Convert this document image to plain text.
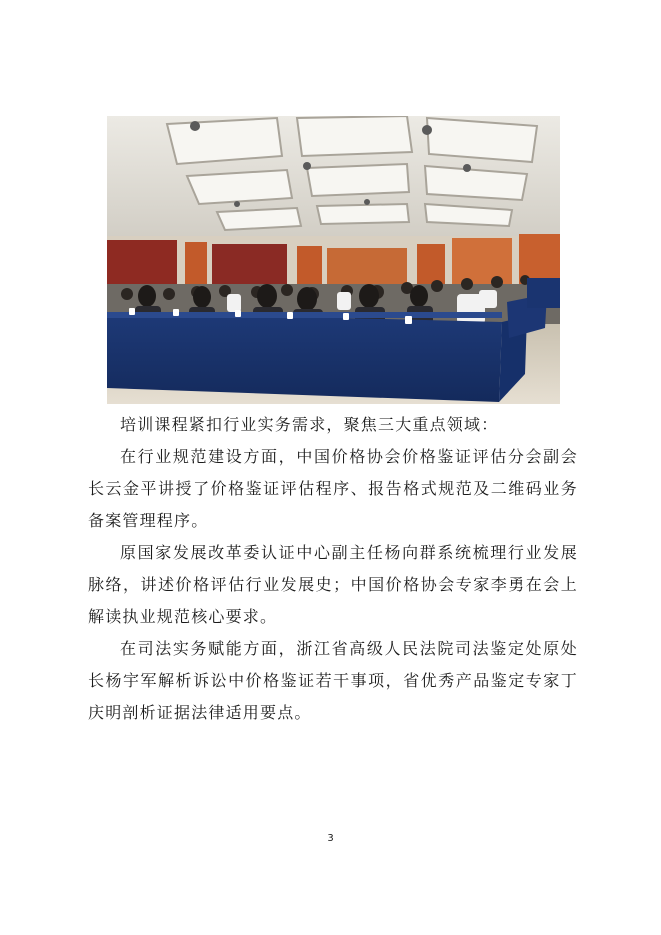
培训课程紧扣行业实务需求，聚焦三大重点领域：

在行业规范建设方面，中国价格协会价格鉴证评估分会副会长云金平讲授了价格鉴证评估程序、报告格式规范及二维码业务备案管理程序。

原国家发展改革委认证中心副主任杨向群系统梳理行业发展脉络，讲述价格评估行业发展史；中国价格协会专家李勇在会上解读执业规范核心要求。

在司法实务赋能方面，浙江省高级人民法院司法鉴定处原处长杨宇军解析诉讼中价格鉴证若干事项，省优秀产品鉴定专家丁庆明剖析证据法律适用要点。

3
